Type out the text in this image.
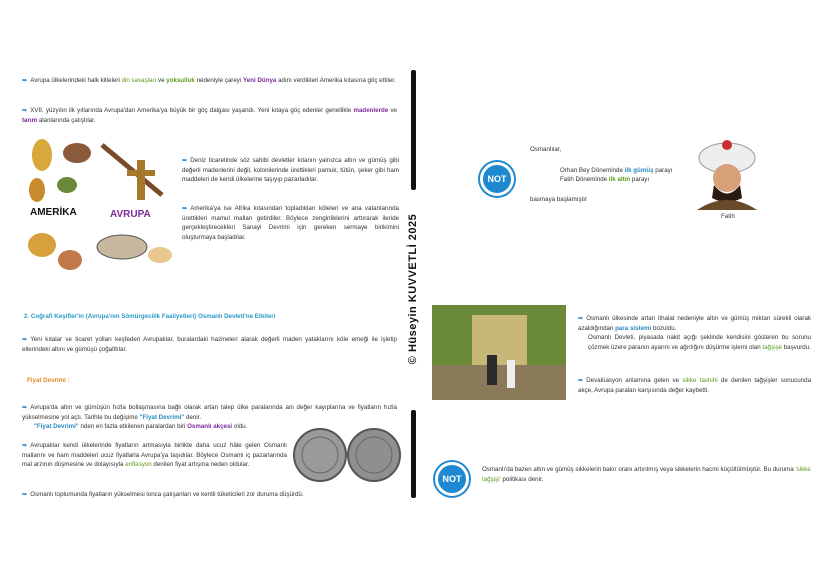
➥ Avrupa ülkelerindeki halk kitleleri din savaşları ve yoksulluk nedeniyle çareyi Yeni Dünya adını verdikleri Amerika kıtasına göç ettiler.
➥ XVII. yüzyılın ilk yıllarında Avrupa'dan Amerika'ya büyük bir göç dalgası yaşandı. Yeni kıtaya göç edenler genellikle madenlerde ve tarım alanlarında çalıştılar.
AMERİKA	AVRUPA
➥ Deniz ticaretinde söz sahibi devletler kıtanın yalnızca altın ve gümüş gibi değerli madenlerini değil, kolonilerinde ürettikleri pamuk, tütün, şeker gibi ham maddeleri de kendi ülkelerine taşıyıp pazarladılar.
➥ Amerika'ya ise Afrika kıtasından topladıkları köleleri ve ana vatanlarında ürettikleri mamul malları getirdiler. Böylece zenginliklerini arttırarak ileride gerçekleştirecekleri Sanayi Devrimi için gereken sermaye birikimini oluşturmaya başladılar.
2. Coğrafi Keşifler'in (Avrupa'nın Sömürgecilik Faaliyetleri) Osmanlı Devleti'ne Etkileri
➥ Yeni kıtalar ve ticaret yolları keşfeden Avrupalılar, buralardaki hazineleri alarak değerli maden yataklarını köle emeği ile işletip ellerindeki altını ve gümüşü çoğalttılar.
Fiyat Devrimi :
➥ Avrupa'da altın ve gümüşün hızla bollaşmasına bağlı olarak artan talep ülke paralarında ani değer kayıplarına ve fiyatların hızla yükselmesine yol açtı. Tarihte bu değişime "Fiyat Devrimi" denir.
"Fiyat Devrimi" nden en fazla etkilenen paralardan biri Osmanlı akçesi oldu.
➥ Avrupalılar kendi ülkelerinde fiyatların artmasıyla birlikte daha ucuz hâle gelen Osmanlı mallarını ve ham maddeleri ucuz fiyatlarla Avrupa'ya taşıdılar. Böylece Osmanlı iç pazarlarında mal arzının düşmesine ve dolayısıyla enflasyon denilen fiyat artışına neden oldular.
➥ Osmanlı toplumunda fiyatların yükselmesi lonca çalışanları ve kentli tüketicileri zor duruma düşürdü.
© Hüseyin KUVVETLİ 2025
NOT
Osmanlılar,
Orhan Bey Döneminde ilk gümüş parayı
Fatih Döneminde ilk altın parayı
basmaya başlamıştır
Fatih
➥ Osmanlı ülkesinde artan ithalat nedeniyle altın ve gümüş miktarı sürekli olarak azaldığından para sistemi bozuldu.
Osmanlı Devleti, piyasada nakit açığı şeklinde kendisini gösteren bu sorunu çözmek üzere paranın ayarını ve ağırlığını düşürme işlemi olan tağşişe başvurdu.
➥ Devalüasyon anlamına gelen ve sikke tashihi de denilen tağşişler sonucunda akçe, Avrupa paraları karşısında değer kaybetti.
NOT
Osmanlı'da bazen altın ve gümüş sikkelerin bakır oranı artırılmış veya sikkelerin hacmi küçültülmüştür. Bu duruma 'sikke tağşişi' politikası denir.
